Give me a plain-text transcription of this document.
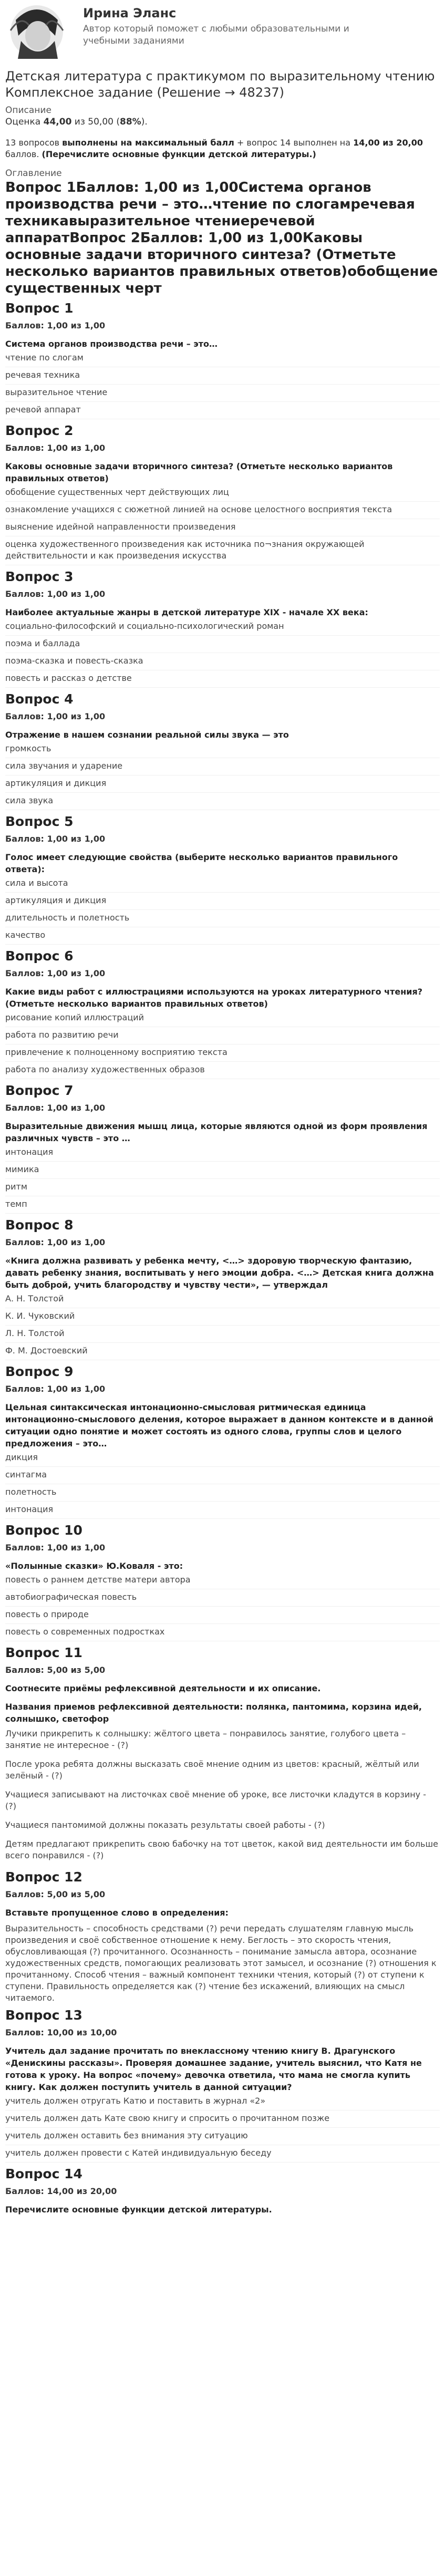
Ирина Эланс
Автор который поможет с любыми образовательными и учебными заданиями
Детская литература с практикумом по выразительному чтению Комплексное задание (Решение → 48237)
Описание
Оценка 44,00 из 50,00 (88%).
13 вопросов выполнены на максимальный балл + вопрос 14 выполнен на 14,00 из 20,00 баллов. (Перечислите основные функции детской литературы.)
Оглавление
Вопрос 1Баллов: 1,00 из 1,00Система органов производства речи – это…чтение по слогамречевая техникавыразительное чтениеречевой аппаратВопрос 2Баллов: 1,00 из 1,00Каковы основные задачи вторичного синтеза? (Отметьте несколько вариантов правильных ответов)обобщение существенных черт
Вопрос 1
Баллов: 1,00 из 1,00
Система органов производства речи – это…
чтение по слогам
речевая техника
выразительное чтение
речевой аппарат
Вопрос 2
Баллов: 1,00 из 1,00
Каковы основные задачи вторичного синтеза? (Отметьте несколько вариантов правильных ответов)
обобщение существенных черт действующих лиц
ознакомление учащихся с сюжетной линией на основе целостного восприятия текста
выяснение идейной направленности произведения
оценка художественного произведения как источника по¬знания окружающей действительности и как произведения искусства
Вопрос 3
Баллов: 1,00 из 1,00
Наиболее актуальные жанры в детской литературе XIX - начале XX века:
социально-философский и социально-психологический роман
поэма и баллада
поэма-сказка и повесть-сказка
повесть и рассказ о детстве
Вопрос 4
Баллов: 1,00 из 1,00
Отражение в нашем сознании реальной силы звука — это
громкость
сила звучания и ударение
артикуляция и дикция
сила звука
Вопрос 5
Баллов: 1,00 из 1,00
Голос имеет следующие свойства (выберите несколько вариантов правильного ответа):
сила и высота
артикуляция и дикция
длительность и полетность
качество
Вопрос 6
Баллов: 1,00 из 1,00
Какие виды работ с иллюстрациями используются на уроках литературного чтения? (Отметьте несколько вариантов правильных ответов)
рисование копий иллюстраций
работа по развитию речи
привлечение к полноценному восприятию текста
работа по анализу художественных образов
Вопрос 7
Баллов: 1,00 из 1,00
Выразительные движения мышц лица, которые являются одной из форм проявления различных чувств – это …
интонация
мимика
ритм
темп
Вопрос 8
Баллов: 1,00 из 1,00
«Книга должна развивать у ребенка мечту, <…> здоровую творческую фантазию, давать ребенку знания, воспитывать у него эмоции добра. <…> Детская книга должна быть доброй, учить благородству и чувству чести», — утверждал
А. Н. Толстой
К. И. Чуковский
Л. Н. Толстой
Ф. М. Достоевский
Вопрос 9
Баллов: 1,00 из 1,00
Цельная синтаксическая интонационно-смысловая ритмическая единица интонационно-смыслового деления, которое выражает в данном контексте и в данной ситуации одно понятие и может состоять из одного слова, группы слов и целого предложения – это…
дикция
синтагма
полетность
интонация
Вопрос 10
Баллов: 1,00 из 1,00
«Полынные сказки» Ю.Коваля - это:
повесть о раннем детстве матери автора
автобиографическая повесть
повесть о природе
повесть о современных подростках
Вопрос 11
Баллов: 5,00 из 5,00
Соотнесите приёмы рефлексивной деятельности и их описание.
Названия приемов рефлексивной деятельности: полянка, пантомима, корзина идей, солнышко, светофор
Лучики прикрепить к солнышку: жёлтого цвета – понравилось занятие, голубого цвета – занятие не интересное - (?)
После урока ребята должны высказать своё мнение одним из цветов: красный, жёлтый или зелёный - (?)
Учащиеся записывают на листочках своё мнение об уроке, все листочки кладутся в корзину - (?)
Учащиеся пантомимой должны показать результаты своей работы - (?)
Детям предлагают прикрепить свою бабочку на тот цветок, какой вид деятельности им больше всего понравился - (?)
Вопрос 12
Баллов: 5,00 из 5,00
Вставьте пропущенное слово в определения:
Выразительность – способность средствами (?) речи передать слушателям главную мысль произведения и своё собственное отношение к нему. Беглость – это скорость чтения, обусловливающая (?) прочитанного. Осознанность – понимание замысла автора, осознание художественных средств, помогающих реализовать этот замысел, и осознание (?) отношения к прочитанному. Способ чтения – важный компонент техники чтения, который (?) от ступени к ступени. Правильность определяется как (?) чтение без искажений, влияющих на смысл читаемого.
Вопрос 13
Баллов: 10,00 из 10,00
Учитель дал задание прочитать по внеклассному чтению книгу В. Драгунского «Денискины рассказы». Проверяя домашнее задание, учитель выяснил, что Катя не готова к уроку. На вопрос «почему» девочка ответила, что мама не смогла купить книгу. Как должен поступить учитель в данной ситуации?
учитель должен отругать Катю и поставить в журнал «2»
учитель должен дать Кате свою книгу и спросить о прочитанном позже
учитель должен оставить без внимания эту ситуацию
учитель должен провести с Катей индивидуальную беседу
Вопрос 14
Баллов: 14,00 из 20,00
Перечислите основные функции детской литературы.
